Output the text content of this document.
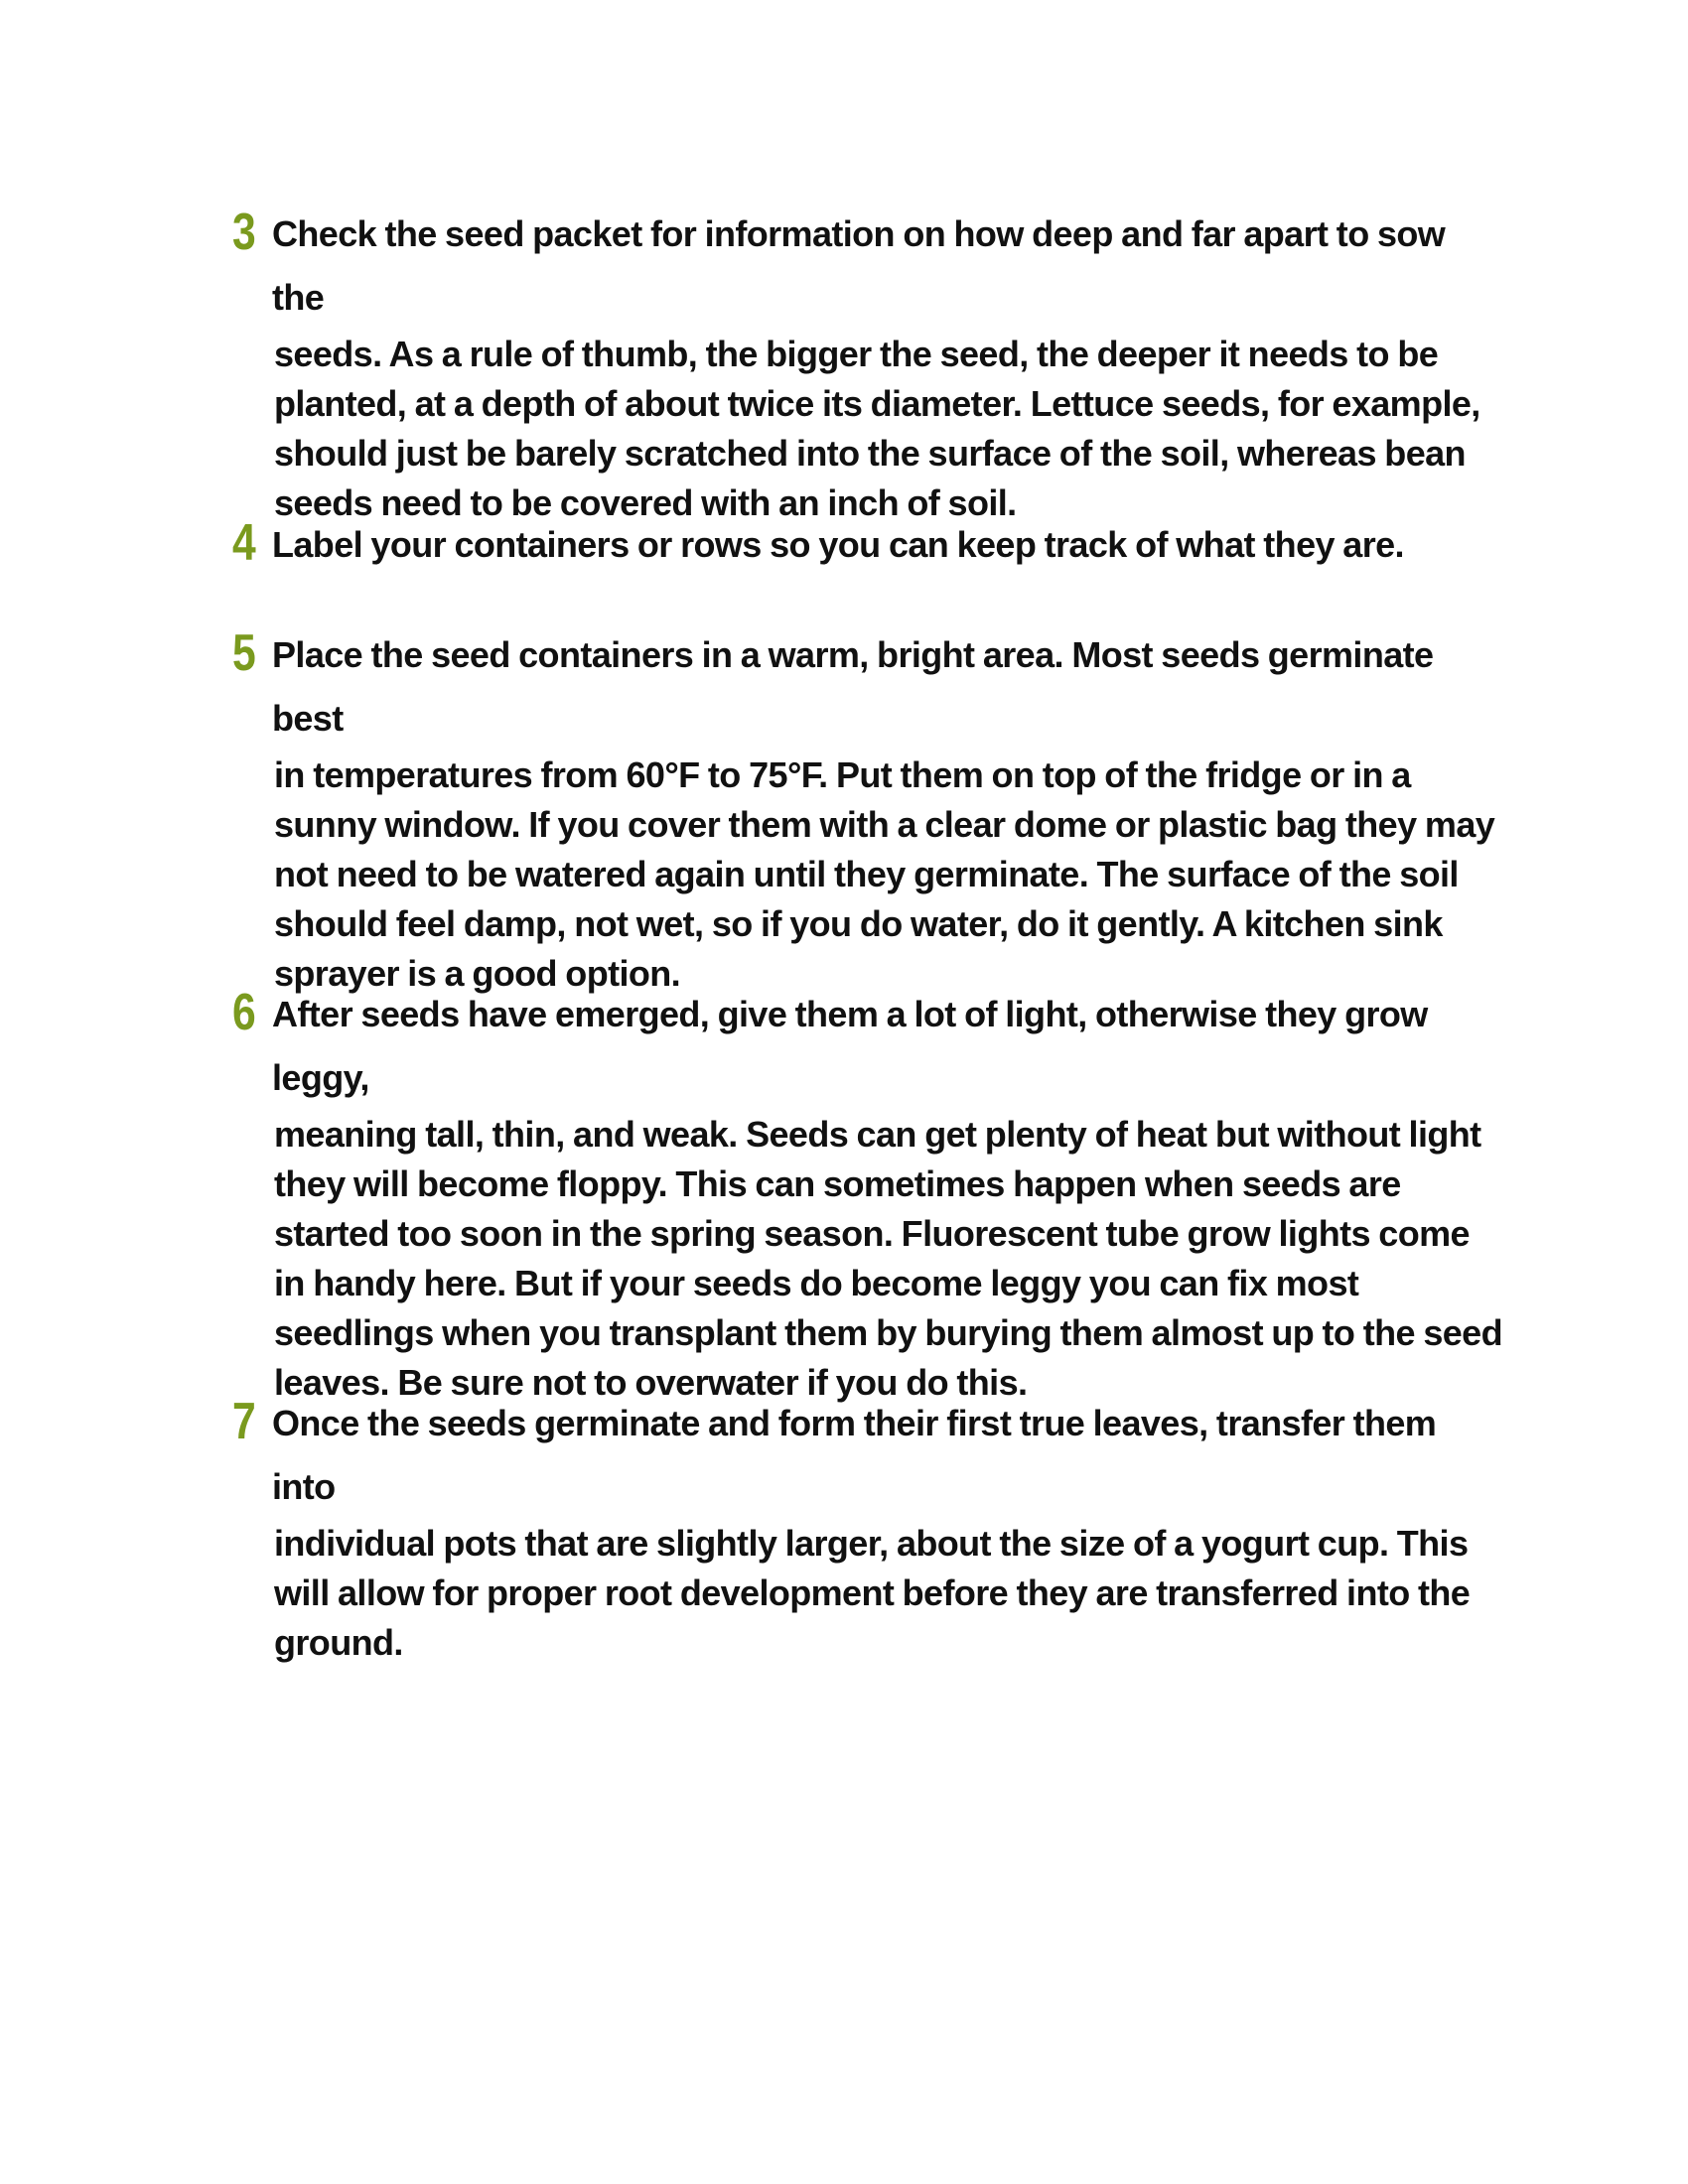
3 Check the seed packet for information on how deep and far apart to sow the
seeds. As a rule of thumb, the bigger the seed, the deeper it needs to be planted, at a depth of about twice its diameter. Lettuce seeds, for example, should just be barely scratched into the surface of the soil, whereas bean seeds need to be covered with an inch of soil.

4 Label your containers or rows so you can keep track of what they are.

5 Place the seed containers in a warm, bright area. Most seeds germinate best
in temperatures from 60°F to 75°F. Put them on top of the fridge or in a sunny window. If you cover them with a clear dome or plastic bag they may not need to be watered again until they germinate. The surface of the soil should feel damp, not wet, so if you do water, do it gently. A kitchen sink sprayer is a good option.

6 After seeds have emerged, give them a lot of light, otherwise they grow leggy,
meaning tall, thin, and weak. Seeds can get plenty of heat but without light they will become floppy. This can sometimes happen when seeds are started too soon in the spring season. Fluorescent tube grow lights come in handy here. But if your seeds do become leggy you can fix most seedlings when you transplant them by burying them almost up to the seed leaves. Be sure not to overwater if you do this.

7 Once the seeds germinate and form their first true leaves, transfer them into
individual pots that are slightly larger, about the size of a yogurt cup. This will allow for proper root development before they are transferred into the ground.
